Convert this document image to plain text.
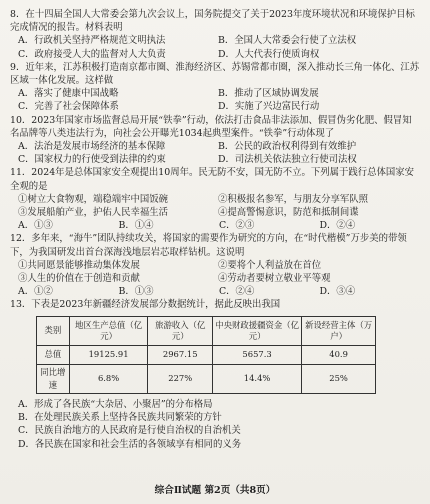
8．在十四届全国人大常委会第九次会议上，国务院提交了关于2023年度环境状况和环境保护目标完成情况的报告。材料表明

A．行政机关坚持严格规范文明执法	B．全国人大常委会行使了立法权
C．政府接受人大的监督对人大负责	D．人大代表行使质询权

9．近年来，江苏积极打造南京都市圈、淮海经济区、苏锡常都市圈，深入推动长三角一体化、江苏区域一体化发展。这样做

A．落实了健康中国战略	B．推动了区域协调发展
C．完善了社会保障体系	D．实施了兴边富民行动

10．2023年国家市场监督总局开展“铁拳”行动，依法打击食品非法添加、假冒伪劣化肥、假冒知名品牌等八类违法行为，向社会公开曝光1034起典型案件。“铁拳”行动体现了

A．法治是发展市场经济的基本保障	B．公民的政治权利得到有效维护
C．国家权力的行使受到法律的约束	D．司法机关依法独立行使司法权

11．2024年是总体国家安全观提出10周年。民无防不安，国无防不立。下列属于践行总体国家安全观的是

①树立大食物观，端稳端牢中国饭碗	②积极报名参军，与朋友分享军队照
③发展船舶产业，护佑人民幸福生活	④提高警惕意识，防范和抵制间谍
A．①③	B．①④	C．②③	D．②④

12．多年来，“海牛”团队持续攻关，将国家的需要作为研究的方向，在“时代楷模”万步美的带领下，为我国研发出首台深海浅地层岩芯取样钻机。这说明

①共同愿景能够推动集体发展	②要将个人利益放在首位
③人生的价值在于创造和贡献	④劳动者要树立敬业平等观
A．①②	B．①③	C．②④	D．③④

13．下表是2023年新疆经济发展部分数据统计，据此反映出我国

类别	地区生产总值（亿元）	旅游收入（亿元）	中央财政援疆资金（亿元）	新设经营主体（万户）
总值	19125.91	2967.15	5657.3	40.9
同比增速	6.8%	227%	14.4%	25%
A．形成了各民族“大杂居、小聚居”的分布格局
B．在处理民族关系上坚持各民族共同繁荣的方针
C．民族自治地方的人民政府是行使自治权的自治机关
D．各民族在国家和社会生活的各领域享有相同的义务
综合Ⅱ试题 第2页（共8页）
